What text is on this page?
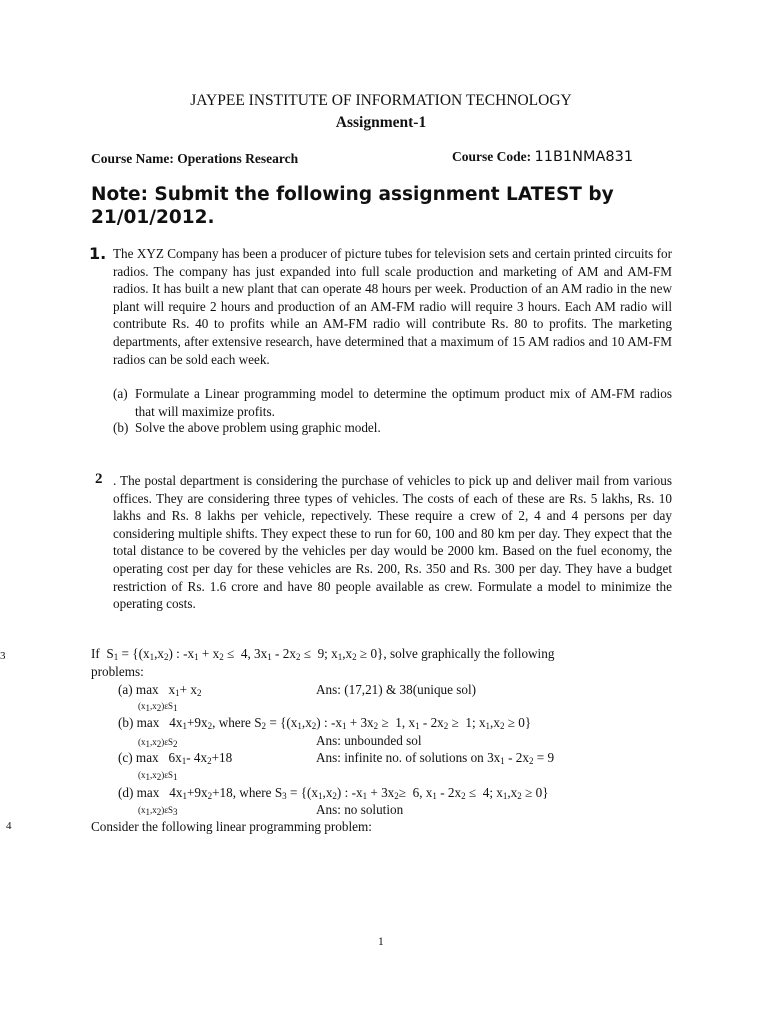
JAYPEE INSTITUTE OF INFORMATION TECHNOLOGY
Assignment-1
Course Name: Operations Research	Course Code: 11B1NMA831
Note: Submit the following assignment LATEST by 21/01/2012.
1. The XYZ Company has been a producer of picture tubes for television sets and certain printed circuits for radios. The company has just expanded into full scale production and marketing of AM and AM-FM radios. It has built a new plant that can operate 48 hours per week. Production of an AM radio in the new plant will require 2 hours and production of an AM-FM radio will require 3 hours. Each AM radio will contribute Rs. 40 to profits while an AM-FM radio will contribute Rs. 80 to profits. The marketing departments, after extensive research, have determined that a maximum of 15 AM radios and 10 AM-FM radios can be sold each week.
(a) Formulate a Linear programming model to determine the optimum product mix of AM-FM radios that will maximize profits.
(b) Solve the above problem using graphic model.
2 . The postal department is considering the purchase of vehicles to pick up and deliver mail from various offices. They are considering three types of vehicles. The costs of each of these are Rs. 5 lakhs, Rs. 10 lakhs and Rs. 8 lakhs per vehicle, repectively. These require a crew of 2, 4 and 4 persons per day considering multiple shifts. They expect these to run for 60, 100 and 80 km per day. They expect that the total distance to be covered by the vehicles per day would be 2000 km. Based on the fuel economy, the operating cost per day for these vehicles are Rs. 200, Rs. 350 and Rs. 300 per day. They have a budget restriction of Rs. 1.6 crore and have 80 people available as crew. Formulate a model to minimize the operating costs.
3	If  $S_1 = \{(x_1,x_2)$ : $-x_1 + x_2 \le 4$, $3x_1 - 2x_2 \le 9$; $x_1,x_2 \ge 0$}, solve graphically the following
problems:
(a) $\max x_1+ x_2$	Ans: (17,21) & 38(unique sol)
$(x_1,x_2)\varepsilon S_1$
(b) $\max 4x_1+9x_2$, where $S_2 = \{(x_1,x_2)$ : $-x_1 + 3x_2 \ge 1$, $x_1 - 2x_2 \ge 1$; $x_1,x_2 \ge 0$}
$(x_1,x_2)\varepsilon S_2$	Ans: unbounded sol
(c) $\max 6x_1-$ $4x_2+18$	Ans: infinite no. of solutions on $3x_1 - 2x_2 = 9$
$(x_1,x_2)\varepsilon S_1$
(d) $\max 4x_1+9x_2+18$, where $S_3 = \{(x_1,x_2)$ : $-x_1 + 3x_2\ge 6$, $x_1 - 2x_2 \le 4$; $x_1,x_2 \ge 0$}
$(x_1,x_2)\varepsilon S_3$	Ans: no solution
4	Consider the following linear programming problem:
1
